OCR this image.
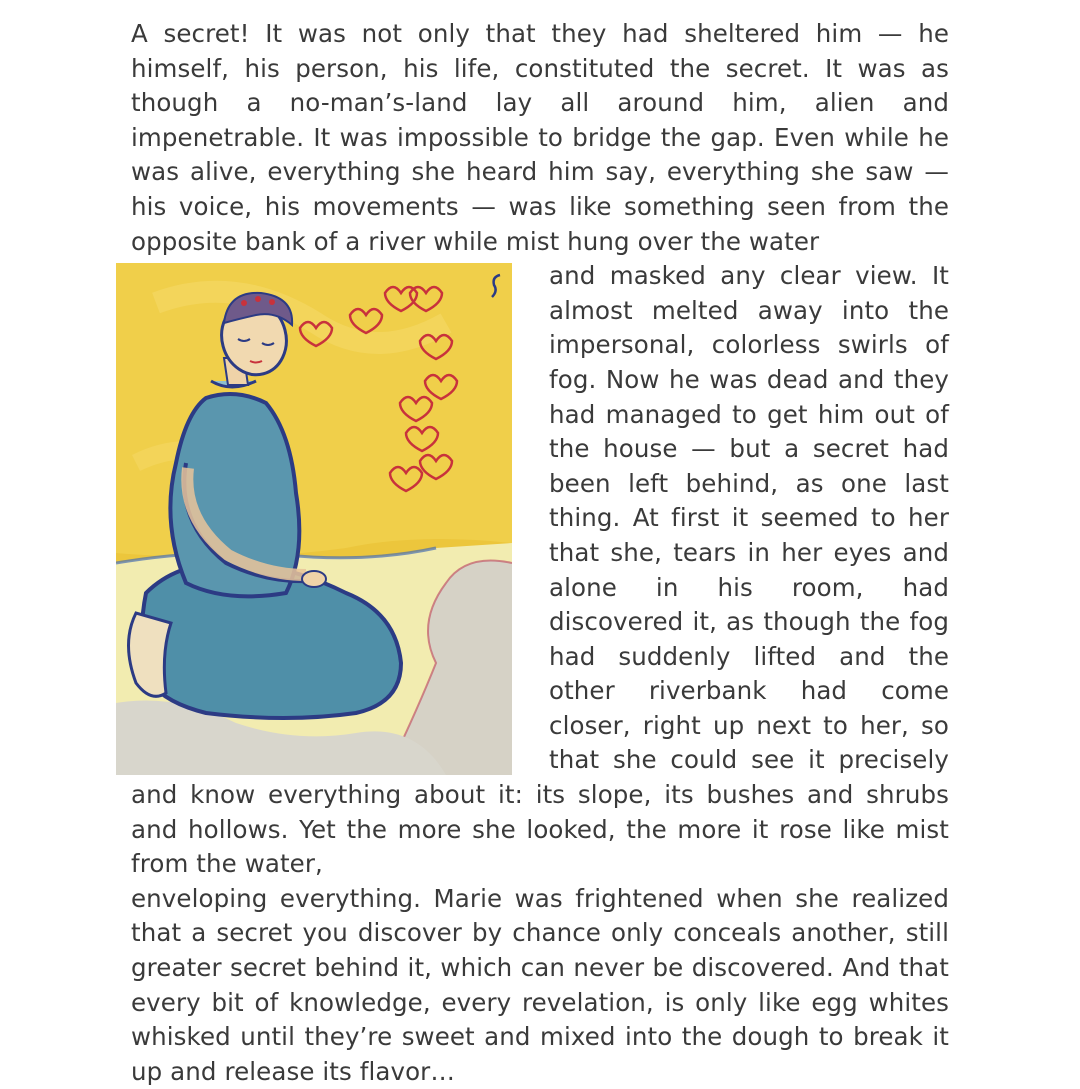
A secret! It was not only that they had sheltered him — he himself, his person, his life, constituted the secret. It was as though a no-man’s-land lay all around him, alien and impenetrable. It was impossible to bridge the gap. Even while he was alive, everything she heard him say, everything she saw — his voice, his movements — was like something seen from the opposite bank of a river while mist hung over the water

and masked any clear view. It almost melted away into the impersonal, colorless swirls of fog. Now he was dead and they had managed to get him out of the house — but a secret had been left behind, as one last thing. At first it seemed to her that she, tears in her eyes and alone in his room, had discovered it, as though the fog had suddenly lifted and the other riverbank had come closer, right up next to her, so that she could see it precisely and know everything about it: its slope, its bushes and shrubs and hollows. Yet the more she looked, the more it rose like mist from the water,

enveloping everything. Marie was frightened when she realized that a secret you discover by chance only conceals another, still greater secret behind it, which can never be discovered. And that every bit of knowledge, every revelation, is only like egg whites whisked until they’re sweet and mixed into the dough to break it up and release its flavor…
